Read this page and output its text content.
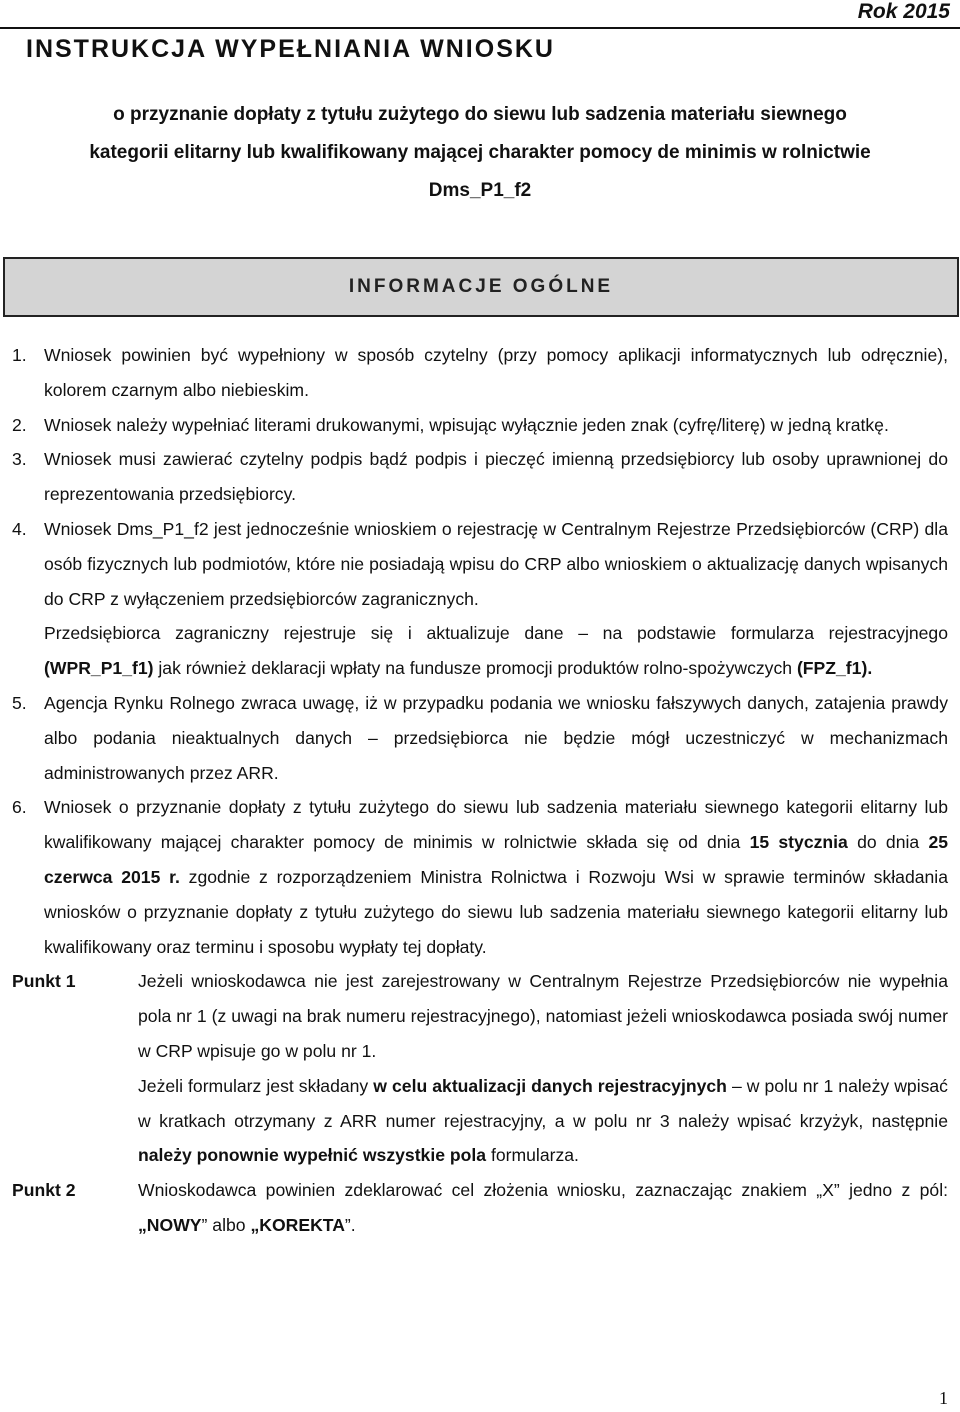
Rok 2015
INSTRUKCJA WYPEŁNIANIA WNIOSKU
o przyznanie dopłaty z tytułu zużytego do siewu lub sadzenia materiału siewnego
kategorii elitarny lub kwalifikowany mającej charakter pomocy de minimis w rolnictwie
Dms_P1_f2
INFORMACJE OGÓLNE
1. Wniosek powinien być wypełniony w sposób czytelny (przy pomocy aplikacji informatycznych lub odręcznie), kolorem czarnym albo niebieskim.
2. Wniosek należy wypełniać literami drukowanymi, wpisując wyłącznie jeden znak (cyfrę/literę) w jedną kratkę.
3. Wniosek musi zawierać czytelny podpis bądź podpis i pieczęć imienną przedsiębiorcy lub osoby uprawnionej do reprezentowania przedsiębiorcy.
4. Wniosek Dms_P1_f2 jest jednocześnie wnioskiem o rejestrację w Centralnym Rejestrze Przedsiębiorców (CRP) dla osób fizycznych lub podmiotów, które nie posiadają wpisu do CRP albo wnioskiem o aktualizację danych wpisanych do CRP z wyłączeniem przedsiębiorców zagranicznych.

Przedsiębiorca zagraniczny rejestruje się i aktualizuje dane – na podstawie formularza rejestracyjnego (WPR_P1_f1) jak również deklaracji wpłaty na fundusze promocji produktów rolno-spożywczych (FPZ_f1).

5. Agencja Rynku Rolnego zwraca uwagę, iż w przypadku podania we wniosku fałszywych danych, zatajenia prawdy albo podania nieaktualnych danych – przedsiębiorca nie będzie mógł uczestniczyć w mechanizmach administrowanych przez ARR.
6. Wniosek o przyznanie dopłaty z tytułu zużytego do siewu lub sadzenia materiału siewnego kategorii elitarny lub kwalifikowany mającej charakter pomocy de minimis w rolnictwie składa się od dnia 15 stycznia do dnia 25 czerwca 2015 r. zgodnie z rozporządzeniem Ministra Rolnictwa i Rozwoju Wsi w sprawie terminów składania wniosków o przyznanie dopłaty z tytułu zużytego do siewu lub sadzenia materiału siewnego kategorii elitarny lub kwalifikowany oraz terminu i sposobu wypłaty tej dopłaty.
Punkt 1	Jeżeli wnioskodawca nie jest zarejestrowany w Centralnym Rejestrze Przedsiębiorców nie wypełnia pola nr 1 (z uwagi na brak numeru rejestracyjnego), natomiast jeżeli wnioskodawca posiada swój numer w CRP wpisuje go w polu nr 1.

Jeżeli formularz jest składany w celu aktualizacji danych rejestracyjnych – w polu nr 1 należy wpisać w kratkach otrzymany z ARR numer rejestracyjny, a w polu nr 3 należy wpisać krzyżyk, następnie należy ponownie wypełnić wszystkie pola formularza.

Punkt 2	Wnioskodawca powinien zdeklarować cel złożenia wniosku, zaznaczając znakiem „X” jedno z pól: „NOWY” albo „KOREKTA”.
1
